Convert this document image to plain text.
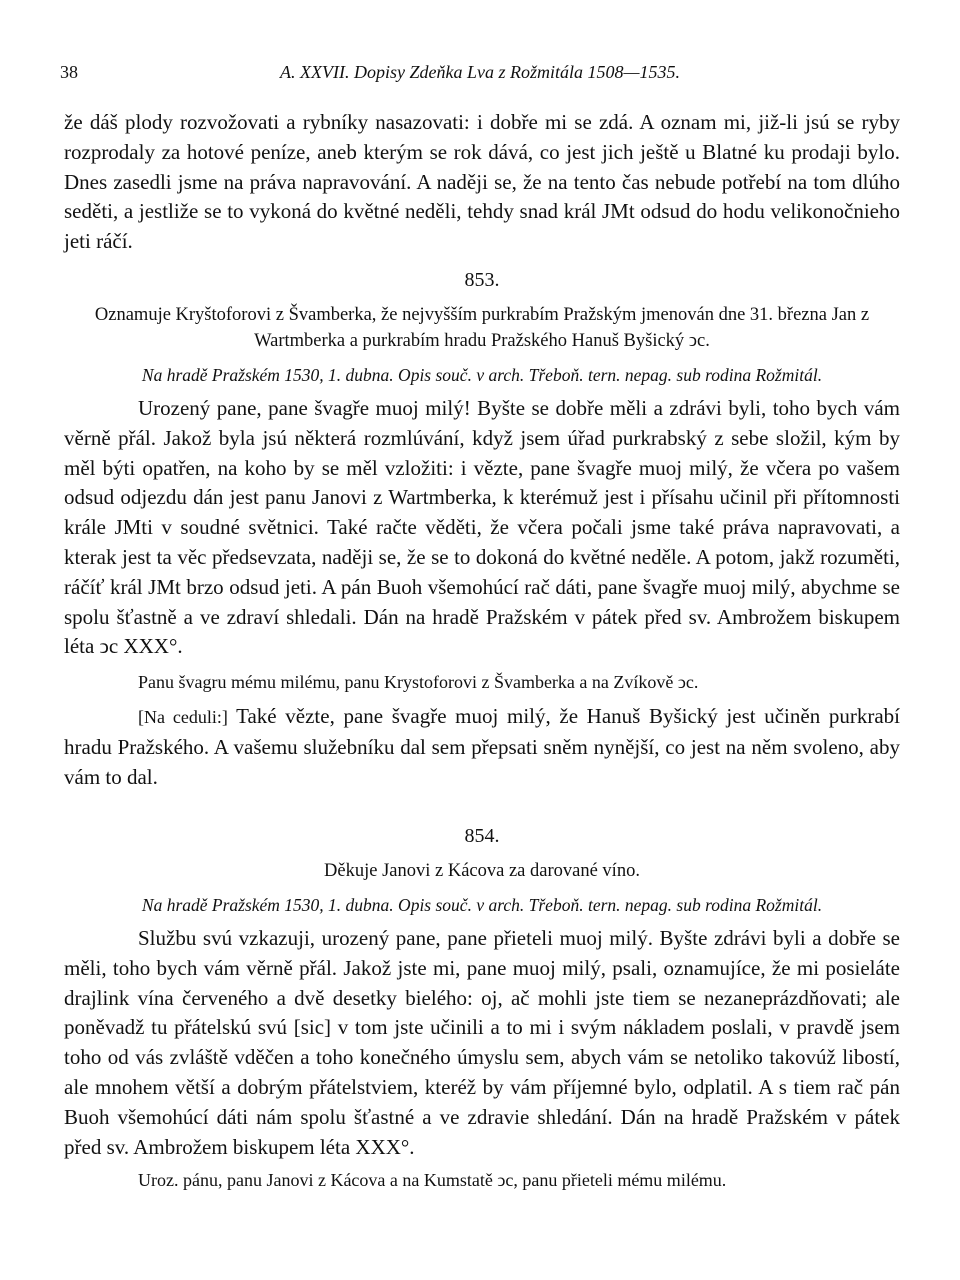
38	A. XXVII. Dopisy Zdeňka Lva z Rožmitála 1508—1535.

že dáš plody rozvožovati a rybníky nasazovati: i dobře mi se zdá. A oznam mi, již-li jsú se ryby rozprodaly za hotové peníze, aneb kterým se rok dává, co jest jich ještě u Blatné ku prodaji bylo. Dnes zasedli jsme na práva napravování. A naději se, že na tento čas nebude potřebí na tom dlúho seděti, a jestliže se to vykoná do květné neděli, tehdy snad král JMt odsud do hodu velikonočnieho jeti ráčí.

853.

Oznamuje Kryštoforovi z Švamberka, že nejvyšším purkrabím Pražským jmenován dne 31. března Jan z Wartmberka a purkrabím hradu Pražského Hanuš Byšický ͻc.

Na hradě Pražském 1530, 1. dubna. Opis souč. v arch. Třeboň. tern. nepag. sub rodina Rožmitál.

Urozený pane, pane švagře muoj milý! Byšte se dobře měli a zdrávi byli, toho bych vám věrně přál. Jakož byla jsú některá rozmlúvání, když jsem úřad purkrabský z sebe složil, kým by měl býti opatřen, na koho by se měl vzložiti: i vězte, pane švagře muoj milý, že včera po vašem odsud odjezdu dán jest panu Janovi z Wartmberka, k kterémuž jest i přísahu učinil při přítomnosti krále JMti v soudné světnici. Také račte věděti, že včera počali jsme také práva napravovati, a kterak jest ta věc předsevzata, naději se, že se to dokoná do květné neděle. A potom, jakž rozuměti, ráčíť král JMt brzo odsud jeti. A pán Buoh všemohúcí rač dáti, pane švagře muoj milý, abychme se spolu šťastně a ve zdraví shledali. Dán na hradě Pražském v pátek před sv. Ambrožem biskupem léta ͻc XXX°.

Panu švagru mému milému, panu Krystoforovi z Švamberka a na Zvíkově ͻc.

[Na ceduli:] Také vězte, pane švagře muoj milý, že Hanuš Byšický jest učiněn purkrabí hradu Pražského. A vašemu služebníku dal sem přepsati sněm nynější, co jest na něm svoleno, aby vám to dal.

854.

Děkuje Janovi z Kácova za darované víno.

Na hradě Pražském 1530, 1. dubna. Opis souč. v arch. Třeboň. tern. nepag. sub rodina Rožmitál.

Službu svú vzkazuji, urozený pane, pane přieteli muoj milý. Byšte zdrávi byli a dobře se měli, toho bych vám věrně přál. Jakož jste mi, pane muoj milý, psali, oznamujíce, že mi posieláte drajlink vína červeného a dvě desetky bielého: oj, ač mohli jste tiem se nezaneprázdňovati; ale poněvadž tu přátelskú svú [sic] v tom jste učinili a to mi i svým nákladem poslali, v pravdě jsem toho od vás zvláště vděčen a toho konečného úmyslu sem, abych vám se netoliko takovúž libostí, ale mnohem větší a dobrým přátelstviem, kteréž by vám příjemné bylo, odplatil. A s tiem rač pán Buoh všemohúcí dáti nám spolu šťastné a ve zdravie shledání. Dán na hradě Pražském v pátek před sv. Ambrožem biskupem léta XXX°.

Uroz. pánu, panu Janovi z Kácova a na Kumstatě ͻc, panu přieteli mému milému.
